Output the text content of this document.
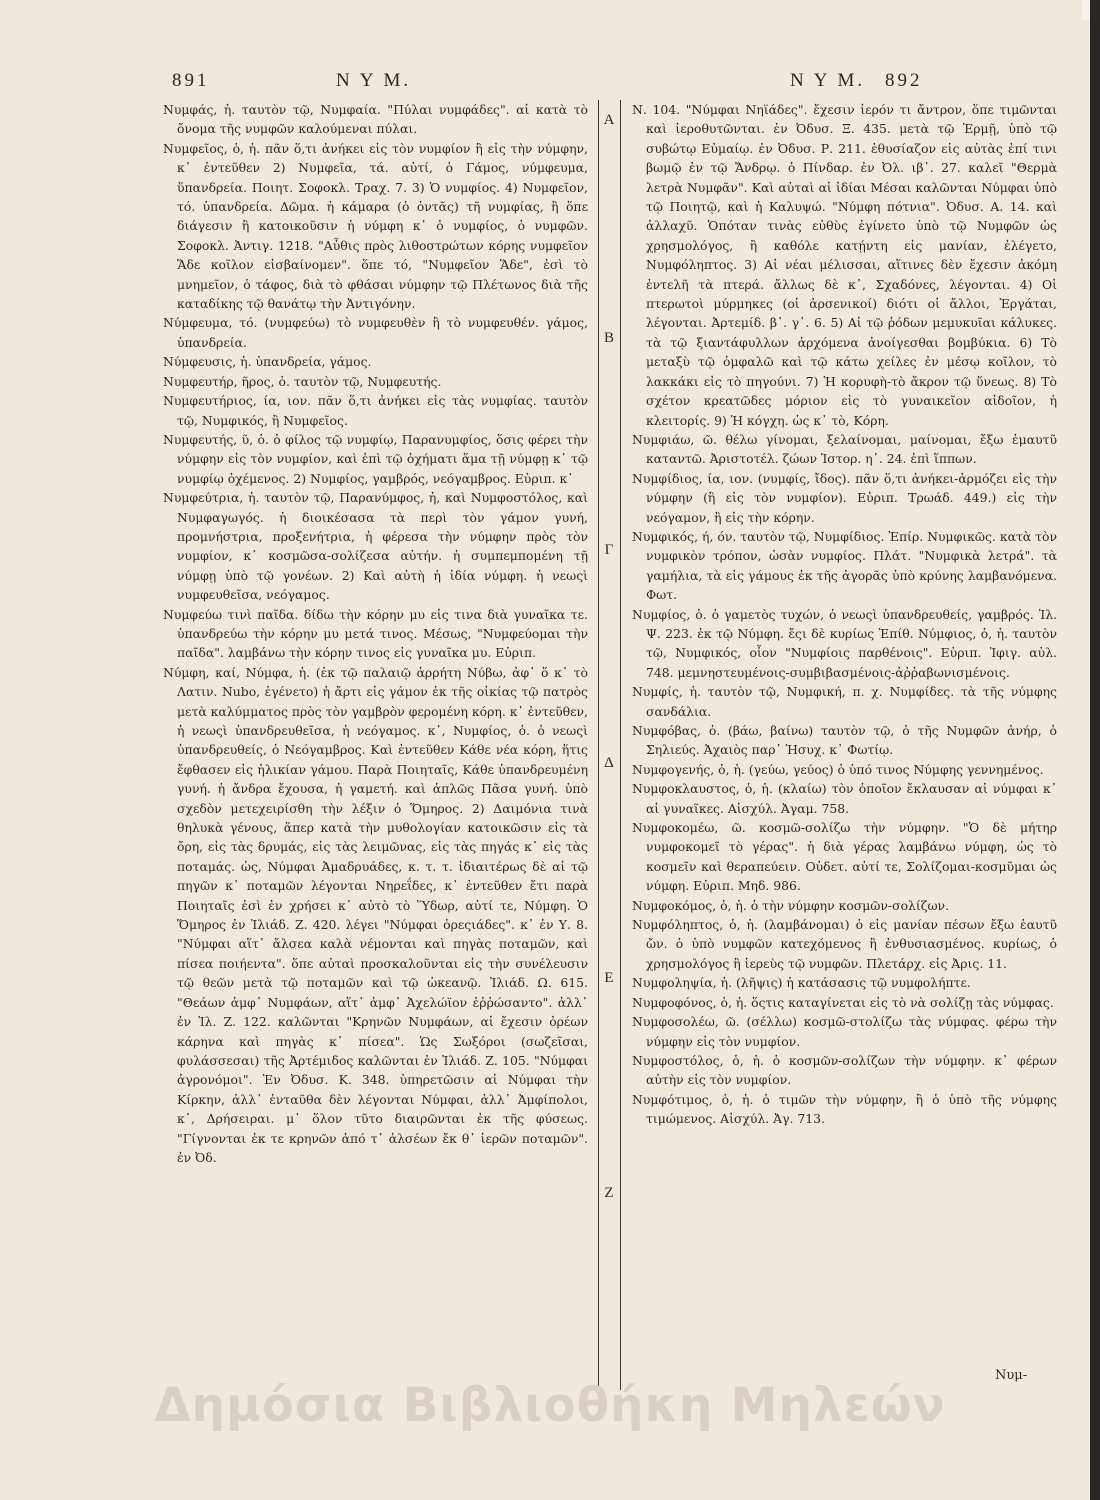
891	Ν Υ Μ.	Ν Υ Μ. 892

Νυμφάς, ἡ. ταυτὸν τῷ, Νυμφαία. "Πύλαι νυμφάδες". αἱ κατὰ τὸ ὄνομα τῆς νυμφῶν καλούμεναι πύλαι.

Νυμφεῖος, ὁ, ἡ. πᾶν ὅ,τι ἀνήκει εἰς τὸν νυμφίον ἢ εἰς τὴν νύμφην, κ᾽ ἐντεῦθεν 2) Νυμφεῖα, τά. αὐτί, ὁ Γάμος, νύμφευμα, ὕπανδρεία. Ποιητ. Σοφοκλ. Τραχ. 7. 3) Ὁ νυμφίος. 4) Νυμφεῖον, τό. ὑπανδρεία. Δῶμα. ἡ κάμαρα (ὁ ὀντᾶς) τῆ νυμφίας, ἢ ὅπε διάγεσιν ἢ κατοικοῦσιν ἡ νύμφη κ᾽ ὁ νυμφίος, ὁ νυμφῶν. Σοφοκλ. Ἀντιγ. 1218. "Αὖθις πρὸς λιθοστρώτων κόρης νυμφεῖον Ἅδε κοῖλον εἰσβαίνομεν". ὅπε τό, "Νυμφεῖον Ἅδε", ἐσὶ τὸ μνημεῖον, ὁ τάφος, διὰ τὸ φθάσαι νύμφην τῷ Πλέτωνος διὰ τῆς καταδίκης τῷ θανάτῳ τὴν Ἀντιγόνην.

Νύμφευμα, τό. (νυμφεύω) τὸ νυμφευθὲν ἢ τὸ νυμφευθέν. γάμος, ὑπανδρεία.

Νύμφευσις, ἡ. ὑπανδρεία, γάμος.

Νυμφευτήρ, ῆρος, ὁ. ταυτὸν τῷ, Νυμφευτής.

Νυμφευτήριος, ία, ιον. πᾶν ὅ,τι ἀνήκει εἰς τὰς νυμφίας. ταυτὸν τῷ, Νυμφικός, ἢ Νυμφεῖος.

Νυμφευτής, ῦ, ὁ. ὁ φίλος τῷ νυμφίῳ, Παρανυμφίος, ὅσις φέρει τὴν νύμφην εἰς τὸν νυμφίον, καὶ ἐπὶ τῷ ὀχήματι ἅμα τῇ νύμφῃ κ᾽ τῷ νυμφίῳ ὀχέμενος. 2) Νυμφίος, γαμβρός, νεόγαμβρος. Εὐριπ. κ᾽

Νυμφεύτρια, ἡ. ταυτὸν τῷ, Παρανύμφος, ἡ, καὶ Νυμφοστόλος, καὶ Νυμφαγωγός. ἡ διοικέσασα τὰ περὶ τὸν γάμον γυνή, προμνήστρια, προξενήτρια, ἡ φέρεσα τὴν νύμφην πρὸς τὸν νυμφίον, κ᾽ κοσμῶσα-σολίζεσα αὐτήν. ἡ συμπεμπομένη τῇ νύμφῃ ὑπὸ τῷ γονέων. 2) Καὶ αὐτὴ ἡ ἰδία νύμφη. ἡ νεωςὶ νυμφευθεῖσα, νεόγαμος.

Νυμφεύω τινὶ παῖδα. δίδω τὴν κόρην μυ εἰς τινα διὰ γυναῖκα τε. ὑπανδρεύω τὴν κόρην μυ μετά τινος. Μέσως, "Νυμφεύομαι τὴν παῖδα". λαμβάνω τὴν κόρην τινος εἰς γυναῖκα μυ. Εὐριπ.

Νύμφη, καί, Νύμφα, ἡ. (ἐκ τῷ παλαιῷ ἀρρήτη Νύβω, ἀφ᾽ ὅ κ᾽ τὸ Λατιν. Nubo, ἐγένετο) ἡ ἄρτι εἰς γάμον ἐκ τῆς οἰκίας τῷ πατρὸς μετὰ καλύμματος πρὸς τὸν γαμβρὸν φερομένη κόρη. κ᾽ ἐντεῦθεν, ἡ νεωςὶ ὑπανδρευθεῖσα, ἡ νεόγαμος. κ᾽, Νυμφίος, ὁ. ὁ νεωςὶ ὑπανδρευθείς, ὁ Νεόγαμβρος. Καὶ ἐντεῦθεν Κάθε νέα κόρη, ἥτις ἔφθασεν εἰς ἡλικίαν γάμου. Παρὰ Ποιηταῖς, Κάθε ὑπανδρευμένη γυνή. ἡ ἄνδρα ἔχουσα, ἡ γαμετή. καὶ ἁπλῶς Πᾶσα γυνή. ὑπὸ σχεδὸν μετεχειρίσθη τὴν λέξιν ὁ Ὅμηρος. 2) Δαιμόνια τινὰ θηλυκὰ γένους, ἅπερ κατὰ τὴν μυθολογίαν κατοικῶσιν εἰς τὰ ὄρη, εἰς τὰς δρυμάς, εἰς τὰς λειμῶνας, εἰς τὰς πηγάς κ᾽ εἰς τὰς ποταμάς. ὡς, Νύμφαι Ἀμαδρυάδες, κ. τ. τ. ἰδιαιτέρως δὲ αἱ τῷ πηγῶν κ᾽ ποταμῶν λέγονται Νηρεΐδες, κ᾽ ἐντεῦθεν ἔτι παρὰ Ποιηταῖς ἐσὶ ἐν χρήσει κ᾽ αὐτὸ τὸ Ὕδωρ, αὐτί τε, Νύμφη. Ὁ Ὅμηρος ἐν Ἰλιάδ. Ζ. 420. λέγει "Νύμφαι ὀρεςιάδες". κ᾽ ἐν Υ. 8. "Νύμφαι αἵτ᾽ ἄλσεα καλὰ νέμονται καὶ πηγὰς ποταμῶν, καὶ πίσεα ποιήεντα". ὅπε αὐταὶ προσκαλοῦνται εἰς τὴν συνέλευσιν τῷ θεῶν μετὰ τῷ ποταμῶν καὶ τῷ ὠκεανῷ. Ἰλιάδ. Ω. 615. "Θεάων ἀμφ᾽ Νυμφάων, αἵτ᾽ ἀμφ᾽ Ἀχελώϊον ἐῤῥώσαντο". ἀλλ᾽ ἐν Ἰλ. Ζ. 122. καλῶνται "Κρηνῶν Νυμφάων, αἱ ἔχεσιν ὀρέων κάρηνα καὶ πηγὰς κ᾽ πίσεα". Ὡς Σωξόροι (σωζεῖσαι, φυλάσσεσαι) τῆς Ἀρτέμιδος καλῶνται ἐν Ἰλιάδ. Ζ. 105. "Νύμφαι ἀγρονόμοι". Ἐν Ὀδυσ. Κ. 348. ὑπηρετῶσιν αἱ Νύμφαι τὴν Κίρκην, ἀλλ᾽ ἐνταῦθα δὲν λέγονται Νύμφαι, ἀλλ᾽ Ἀμφίπολοι, κ᾽, Δρήσειραι. μ᾽ ὅλον τῦτο διαιρῶνται ἐκ τῆς φύσεως. "Γίγνονται ἐκ τε κρηνῶν ἀπό τ᾽ ἀλσέων ἔκ θ᾽ ἱερῶν ποταμῶν". ἐν Ὀδ.

Ν. 104. "Νύμφαι Νηϊάδες". ἔχεσιν ἱερόν τι ἄντρον, ὅπε τιμῶνται καὶ ἱεροθυτῶνται. ἐν Ὀδυσ. Ξ. 435. μετὰ τῷ Ἑρμῇ, ὑπὸ τῷ συβώτῳ Εὐμαίῳ. ἐν Ὀδυσ. Ρ. 211. ἐθυσίαζον εἰς αὐτὰς ἐπί τινι βωμῷ ἐν τῷ Ἄνδρῳ. ὁ Πίνδαρ. ἐν Ὀλ. ιβ᾽. 27. καλεῖ "Θερμὰ λετρὰ Νυμφᾶν". Καὶ αὐταὶ αἱ ἰδίαι Μέσαι καλῶνται Νύμφαι ὑπὸ τῷ Ποιητῷ, καὶ ἡ Καλυψώ. "Νύμφη πότνια". Ὀδυσ. Α. 14. καὶ ἀλλαχῦ. Ὁπόταν τινὰς εὐθὺς ἐγίνετο ὑπὸ τῷ Νυμφῶν ὡς χρησμολόγος, ἢ καθόλε κατῄντη εἰς μανίαν, ἐλέγετο, Νυμφόληπτος. 3) Αἱ νέαι μέλισσαι, αἵτινες δὲν ἔχεσιν ἀκόμη ἐντελῆ τὰ πτερά. ἄλλως δὲ κ᾽, Σχαδόνες, λέγονται. 4) Οἱ πτερωτοὶ μύρμηκες (οἱ ἀρσενικοί) διότι οἱ ἄλλοι, Ἐργάται, λέγονται. Ἀρτεμίδ. β᾽. γ᾽. 6. 5) Αἱ τῷ ῥόδων μεμυκυῖαι κάλυκες. τὰ τῷ ξιαντάφυλλων ἀρχόμενα ἀνοίγεσθαι βομβύκια. 6) Τὸ μεταξὺ τῷ ὀμφαλῶ καὶ τῷ κάτω χείλες ἐν μέσῳ κοῖλον, τὸ λακκάκι εἰς τὸ πηγούνι. 7) Ἡ κορυφὴ-τὸ ἄκρον τῷ ὕνεως. 8) Τὸ σχέτον κρεατῶδες μόριον εἰς τὸ γυναικεῖον αἰδοῖον, ἡ κλειτορίς. 9) Ἡ κόγχη. ὡς κ᾽ τὸ, Κόρη.

Νυμφιάω, ῶ. θέλω γίνομαι, ξελαίνομαι, μαίνομαι, ἔξω ἐμαυτῦ καταντῶ. Ἀριστοτέλ. ζώων Ἱστορ. η᾽. 24. ἐπὶ ἵππων.

Νυμφίδιος, ία, ιον. (νυμφίς, ἴδος). πᾶν ὅ,τι ἀνήκει-ἁρμόζει εἰς τὴν νύμφην (ἢ εἰς τὸν νυμφίον). Εὐριπ. Τρωάδ. 449.) εἰς τὴν νεόγαμον, ἢ εἰς τὴν κόρην.

Νυμφικός, ή, όν. ταυτὸν τῷ, Νυμφίδιος. Ἐπίρ. Νυμφικῶς. κατὰ τὸν νυμφικὸν τρόπον, ὡσὰν νυμφίος. Πλάτ. "Νυμφικὰ λετρά". τὰ γαμήλια, τὰ εἰς γάμους ἐκ τῆς ἀγορᾶς ὑπὸ κρύνης λαμβανόμενα. Φωτ.

Νυμφίος, ὁ. ὁ γαμετὸς τυχών, ὁ νεωςὶ ὑπανδρευθείς, γαμβρός. Ἰλ. Ψ. 223. ἐκ τῷ Νύμφη. ἔςι δὲ κυρίως Ἐπίθ. Νύμφιος, ὁ, ἡ. ταυτὸν τῷ, Νυμφικός, οἷον "Νυμφίοις παρθένοις". Εὐριπ. Ἰφιγ. αὐλ. 748. μεμνηστευμένοις-συμβιβασμένοις-ἀῤῥαβωνισμένοις.

Νυμφίς, ἡ. ταυτὸν τῷ, Νυμφική, π. χ. Νυμφίδες. τὰ τῆς νύμφης σανδάλια.

Νυμφόβας, ὁ. (βάω, βαίνω) ταυτὸν τῷ, ὁ τῆς Νυμφῶν ἀνήρ, ὁ Σηλιεύς. Ἀχαιὸς παρ᾽ Ἡσυχ. κ᾽ Φωτίῳ.

Νυμφογενής, ὁ, ἡ. (γεύω, γεύος) ὁ ὑπό τινος Νύμφης γεννημένος.

Νυμφοκλαυστος, ὁ, ἡ. (κλαίω) τὸν ὁποῖον ἔκλαυσαν αἱ νύμφαι κ᾽ αἱ γυναῖκες. Αἰσχύλ. Ἀγαμ. 758.

Νυμφοκομέω, ῶ. κοσμῶ-σολίζω τὴν νύμφην. "Ὁ δὲ μήτηρ νυμφοκομεῖ τὸ γέρας". ἡ διὰ γέρας λαμβάνω νύμφη, ὡς τὸ κοσμεῖν καὶ θεραπεύειν. Οὐδετ. αὐτί τε, Σολίζομαι-κοσμῦμαι ὡς νύμφη. Εὐριπ. Μηδ. 986.

Νυμφοκόμος, ὁ, ἡ. ὁ τὴν νύμφην κοσμῶν-σολίζων.

Νυμφόληπτος, ὁ, ἡ. (λαμβάνομαι) ὁ εἰς μανίαν πέσων ἔξω ἑαυτῦ ὤν. ὁ ὑπὸ νυμφῶν κατεχόμενος ἢ ἐνθυσιασμένος. κυρίως, ὁ χρησμολόγος ἢ ἱερεὺς τῷ νυμφῶν. Πλετάρχ. εἰς Ἀρις. 11.

Νυμφοληψία, ἡ. (λῆψις) ἡ κατάσασις τῷ νυμφολήπτε.

Νυμφοφόνος, ὁ, ἡ. ὅςτις καταγίνεται εἰς τὸ νὰ σολίζῃ τὰς νύμφας.

Νυμφοσολέω, ῶ. (σέλλω) κοσμῶ-στολίζω τὰς νύμφας. φέρω τὴν νύμφην εἰς τὸν νυμφίον.

Νυμφοστόλος, ὁ, ἡ. ὁ κοσμῶν-σολίζων τὴν νύμφην. κ᾽ φέρων αὐτὴν εἰς τὸν νυμφίον.

Νυμφότιμος, ὁ, ἡ. ὁ τιμῶν τὴν νύμφην, ἢ ὁ ὑπὸ τῆς νύμφης τιμώμενος. Αἰσχύλ. Ἀγ. 713.

Α
Β
Γ
Δ
Ε
Ζ
Νυμ-
Δημόσια Βιβλιοθήκη Μηλεών
